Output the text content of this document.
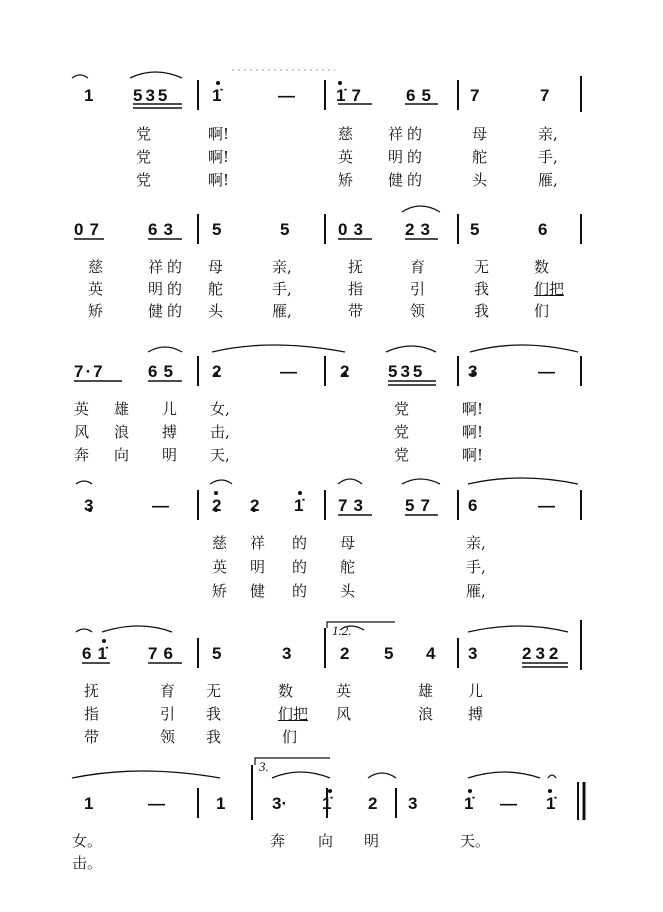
1 535 1̇	— 1̇7 65 7	7
党	啊!	慈 祥的	母	亲,
党	啊!	英 明的	舵	手,
党	啊!	矫 健的	头	雁,
07	63 5	5	03 23 5	6
慈	祥的 母	亲,	抚	育	无	数
英	明的 舵	手,	指	引	我	们把
矫	健的 头	雁,	带	领	我	们
7·7	65 2	—	2 535	3	—
英 雄 儿 女,	党	啊!
风 浪 搏 击,	党	啊!
奔 向 明 天,	党	啊!
3	—	2 2 1̇ 73 57 6	—
慈 祥 的 母	亲,
英 明 的 舵	手,
矫 健 的 头	雁,
1.2.
61̇ 76 5	3	2 5 4 3	232
抚	育 无	数	英	雄 儿
指	引 我	们把 风	浪 搏
带	领 我	们
3.
1	—	1	3· 1̇ 2 3	1̇ — 1̇
女。	奔 向 明	天。
击。
